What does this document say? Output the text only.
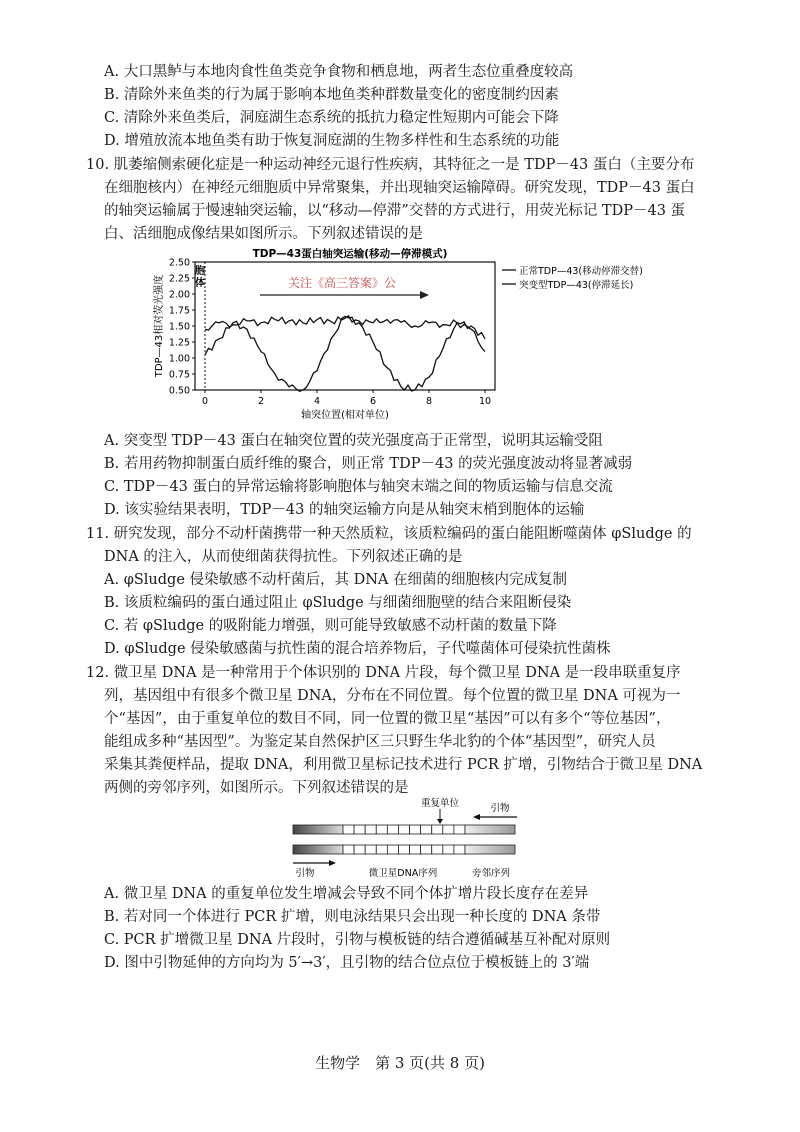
A. 大口黑鲈与本地肉食性鱼类竞争食物和栖息地，两者生态位重叠度较高
B. 清除外来鱼类的行为属于影响本地鱼类种群数量变化的密度制约因素
C. 清除外来鱼类后，洞庭湖生态系统的抵抗力稳定性短期内可能会下降
D. 增殖放流本地鱼类有助于恢复洞庭湖的生物多样性和生态系统的功能
10. 肌萎缩侧索硬化症是一种运动神经元退行性疾病，其特征之一是 TDP－43 蛋白（主要分布
在细胞核内）在神经元细胞质中异常聚集，并出现轴突运输障碍。研究发现，TDP－43 蛋白
的轴突运输属于慢速轴突运输，以“移动—停滞”交替的方式进行，用荧光标记 TDP－43 蛋
白、活细胞成像结果如图所示。下列叙述错误的是
TDP—43蛋白轴突运输(移动—停滞模式)
0.50
0.75
1.00
1.25
1.50
1.75
2.00
2.25
2.50
0	2	4	6	8	10
胞体	关注《高三答案》公
TDP—43相对荧光强度
轴突位置(相对单位)
正常TDP—43(移动停滞交替)
突变型TDP—43(停滞延长)
A. 突变型 TDP－43 蛋白在轴突位置的荧光强度高于正常型，说明其运输受阻
B. 若用药物抑制蛋白质纤维的聚合，则正常 TDP－43 的荧光强度波动将显著减弱
C. TDP－43 蛋白的异常运输将影响胞体与轴突末端之间的物质运输与信息交流
D. 该实验结果表明，TDP－43 的轴突运输方向是从轴突末梢到胞体的运输
11. 研究发现，部分不动杆菌携带一种天然质粒，该质粒编码的蛋白能阻断噬菌体 φSludge 的
DNA 的注入，从而使细菌获得抗性。下列叙述正确的是
A. φSludge 侵染敏感不动杆菌后，其 DNA 在细菌的细胞核内完成复制
B. 该质粒编码的蛋白通过阻止 φSludge 与细菌细胞壁的结合来阻断侵染
C. 若 φSludge 的吸附能力增强，则可能导致敏感不动杆菌的数量下降
D. φSludge 侵染敏感菌与抗性菌的混合培养物后，子代噬菌体可侵染抗性菌株
12. 微卫星 DNA 是一种常用于个体识别的 DNA 片段，每个微卫星 DNA 是一段串联重复序
列，基因组中有很多个微卫星 DNA，分布在不同位置。每个位置的微卫星 DNA 可视为一
个“基因”，由于重复单位的数目不同，同一位置的微卫星“基因”可以有多个“等位基因”，
能组成多种“基因型”。为鉴定某自然保护区三只野生华北豹的个体“基因型”，研究人员
采集其粪便样品，提取 DNA，利用微卫星标记技术进行 PCR 扩增，引物结合于微卫星 DNA
两侧的旁邻序列，如图所示。下列叙述错误的是
重复单位	引物
引物	微卫星DNA序列	旁邻序列
A. 微卫星 DNA 的重复单位发生增减会导致不同个体扩增片段长度存在差异
B. 若对同一个体进行 PCR 扩增，则电泳结果只会出现一种长度的 DNA 条带
C. PCR 扩增微卫星 DNA 片段时，引物与模板链的结合遵循碱基互补配对原则
D. 图中引物延伸的方向均为 5′→3′，且引物的结合位点位于模板链上的 3′端
生物学　第 3 页(共 8 页)
